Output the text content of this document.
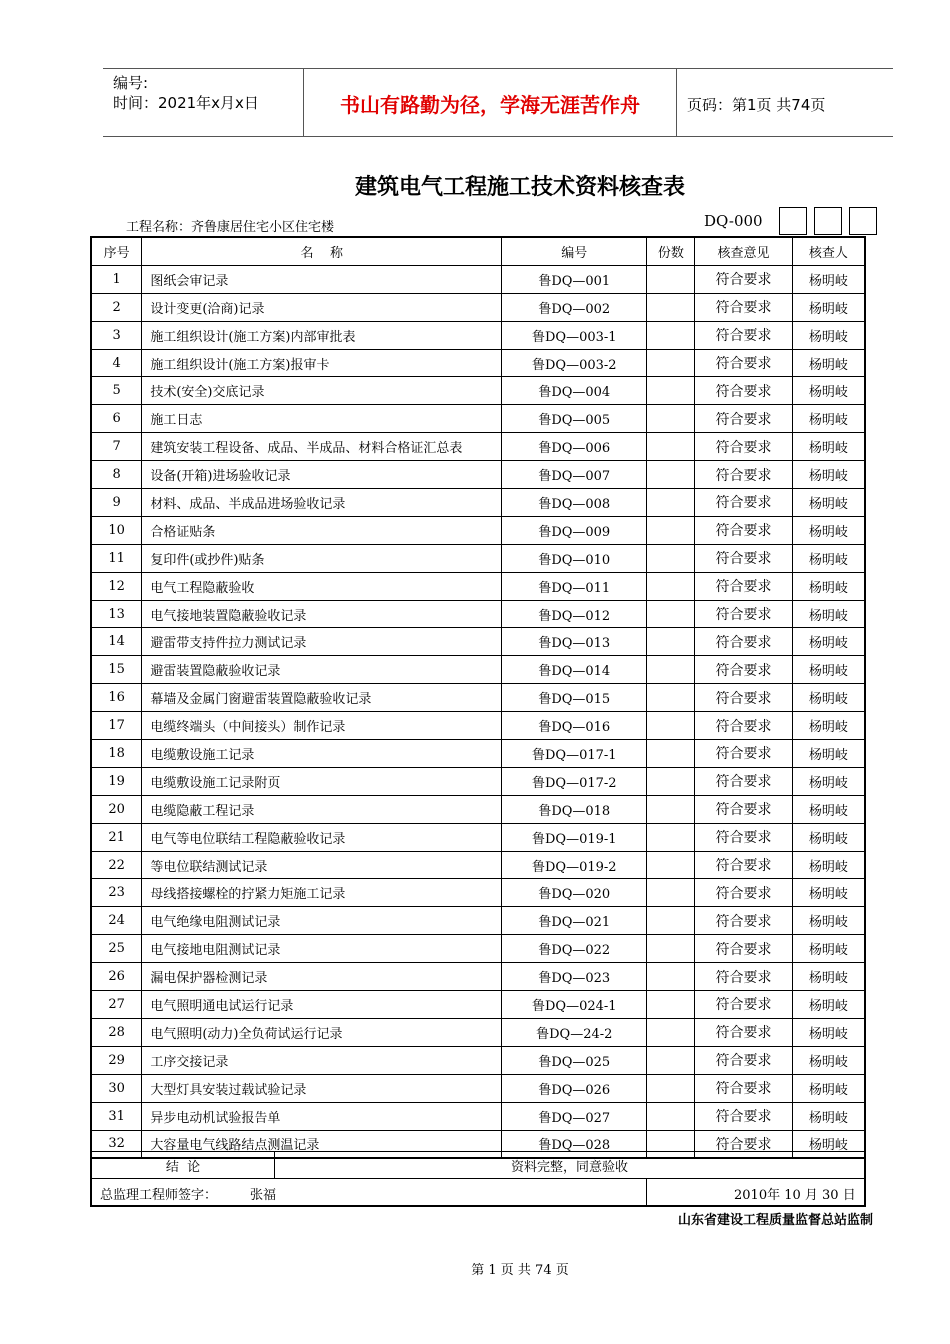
编号:
时间：2021年x月x日	书山有路勤为径，学海无涯苦作舟	页码：第1页 共74页
建筑电气工程施工技术资料核查表
工程名称：齐鲁康居住宅小区住宅楼	DQ-000
序号	名    称	编号	份数	核查意见	核查人
1	图纸会审记录	鲁DQ—001		符合要求	杨明岐
2	设计变更(洽商)记录	鲁DQ—002		符合要求	杨明岐
3	施工组织设计(施工方案)内部审批表	鲁DQ—003-1		符合要求	杨明岐
4	施工组织设计(施工方案)报审卡	鲁DQ—003-2		符合要求	杨明岐
5	技术(安全)交底记录	鲁DQ—004		符合要求	杨明岐
6	施工日志	鲁DQ—005		符合要求	杨明岐
7	建筑安装工程设备、成品、半成品、材料合格证汇总表	鲁DQ—006		符合要求	杨明岐
8	设备(开箱)进场验收记录	鲁DQ—007		符合要求	杨明岐
9	材料、成品、半成品进场验收记录	鲁DQ—008		符合要求	杨明岐
10	合格证贴条	鲁DQ—009		符合要求	杨明岐
11	复印件(或抄件)贴条	鲁DQ—010		符合要求	杨明岐
12	电气工程隐蔽验收	鲁DQ—011		符合要求	杨明岐
13	电气接地装置隐蔽验收记录	鲁DQ—012		符合要求	杨明岐
14	避雷带支持件拉力测试记录	鲁DQ—013		符合要求	杨明岐
15	避雷装置隐蔽验收记录	鲁DQ—014		符合要求	杨明岐
16	幕墙及金属门窗避雷装置隐蔽验收记录	鲁DQ—015		符合要求	杨明岐
17	电缆终端头（中间接头）制作记录	鲁DQ—016		符合要求	杨明岐
18	电缆敷设施工记录	鲁DQ—017-1		符合要求	杨明岐
19	电缆敷设施工记录附页	鲁DQ—017-2		符合要求	杨明岐
20	电缆隐蔽工程记录	鲁DQ—018		符合要求	杨明岐
21	电气等电位联结工程隐蔽验收记录	鲁DQ—019-1		符合要求	杨明岐
22	等电位联结测试记录	鲁DQ—019-2		符合要求	杨明岐
23	母线搭接螺栓的拧紧力矩施工记录	鲁DQ—020		符合要求	杨明岐
24	电气绝缘电阻测试记录	鲁DQ—021		符合要求	杨明岐
25	电气接地电阻测试记录	鲁DQ—022		符合要求	杨明岐
26	漏电保护器检测记录	鲁DQ—023		符合要求	杨明岐
27	电气照明通电试运行记录	鲁DQ—024-1		符合要求	杨明岐
28	电气照明(动力)全负荷试运行记录	鲁DQ—24-2		符合要求	杨明岐
29	工序交接记录	鲁DQ—025		符合要求	杨明岐
30	大型灯具安装过载试验记录	鲁DQ—026		符合要求	杨明岐
31	异步电动机试验报告单	鲁DQ—027		符合要求	杨明岐
32	大容量电气线路结点测温记录	鲁DQ—028		符合要求	杨明岐
结  论	资料完整，同意验收

总监理工程师签字：	张福	2010年 10 月 30 日
山东省建设工程质量监督总站监制
第 1 页 共 74 页
